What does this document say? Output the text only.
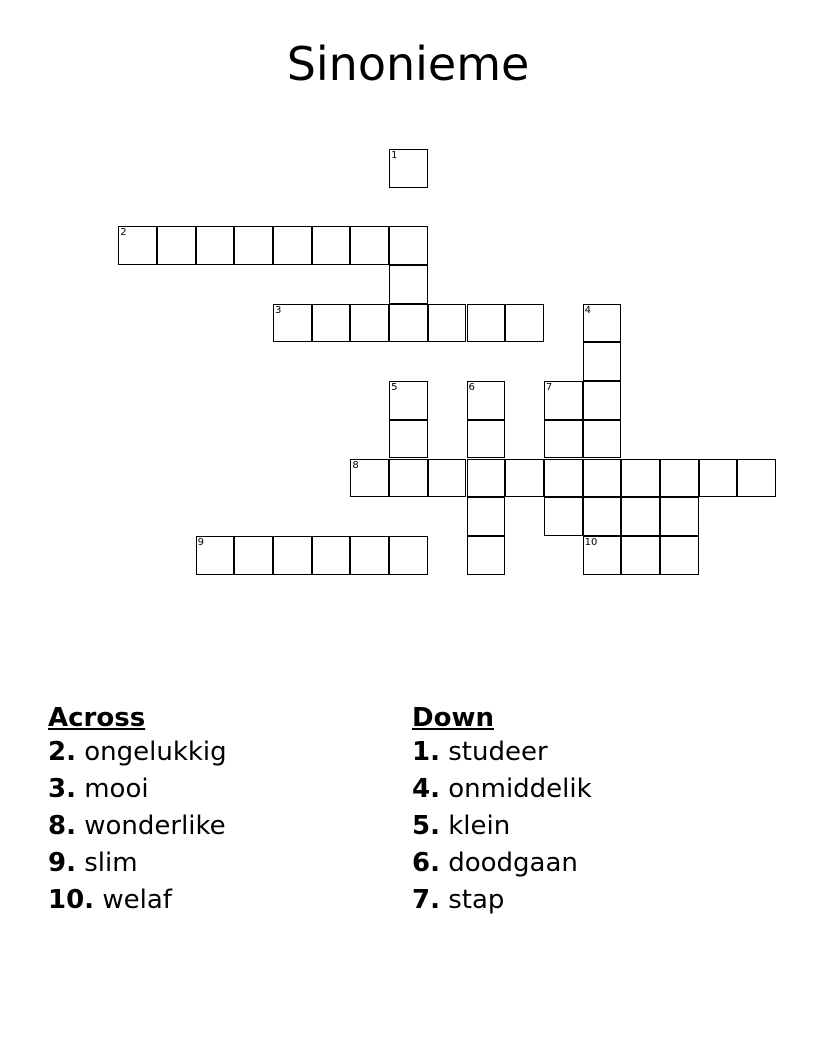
Sinonieme
1
2
3	4
5	6	7
8
9	10
Across
2. ongelukkig
3. mooi
8. wonderlike
9. slim
10. welaf
Down
1. studeer
4. onmiddelik
5. klein
6. doodgaan
7. stap
